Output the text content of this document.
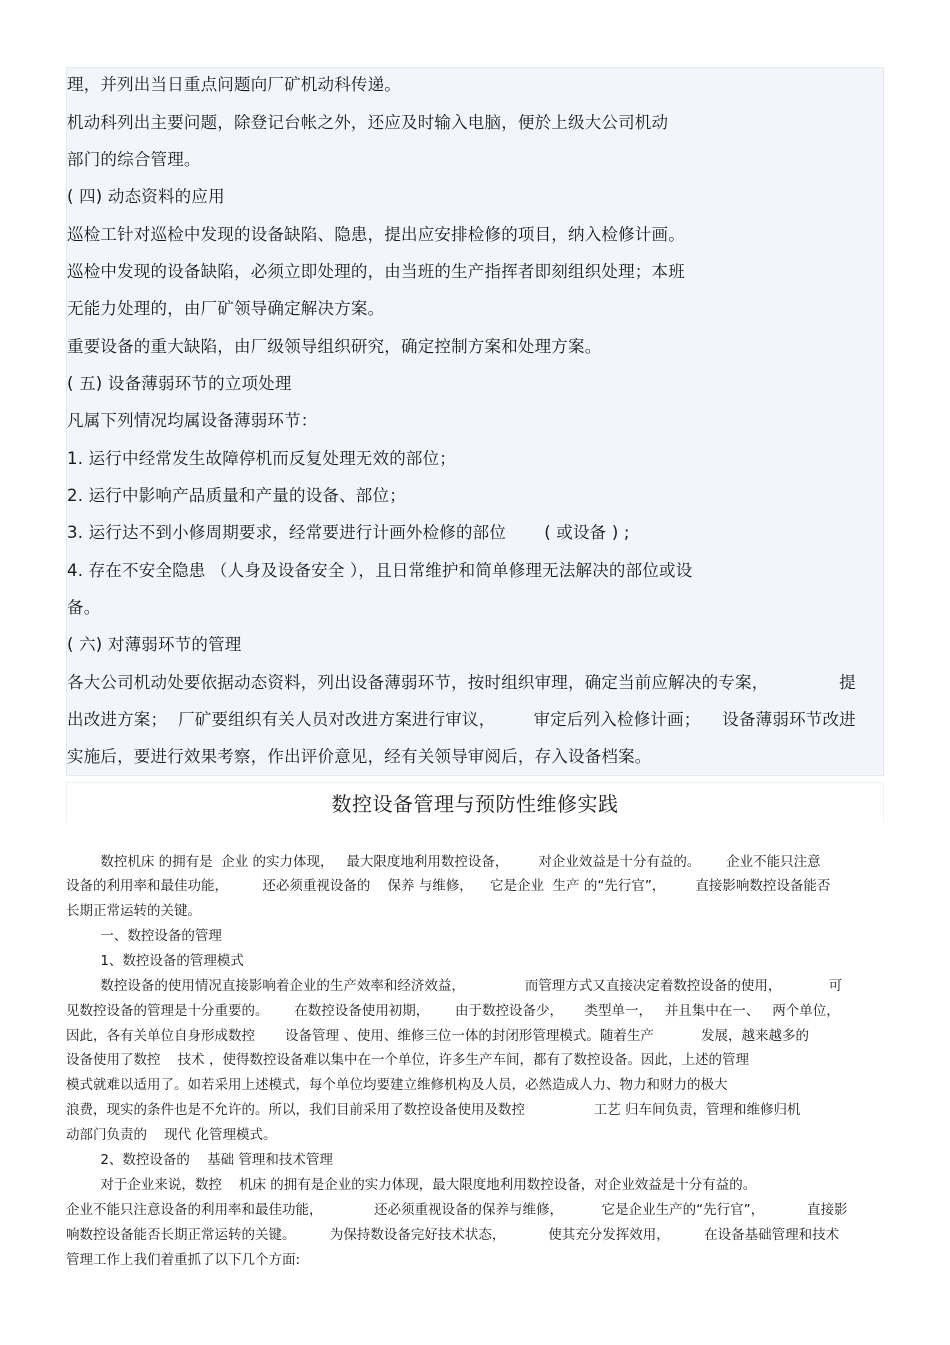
理，并列出当日重点问题向厂矿机动科传递。
机动科列出主要问题，除登记台帐之外，还应及时输入电脑，便於上级大公司机动
部门的综合管理。
( 四) 动态资料的应用
巡检工针对巡检中发现的设备缺陷、隐患，提出应安排检修的项目，纳入检修计画。
巡检中发现的设备缺陷，必须立即处理的，由当班的生产指挥者即刻组织处理；本班
无能力处理的，由厂矿领导确定解决方案。
重要设备的重大缺陷，由厂级领导组织研究，确定控制方案和处理方案。
( 五) 设备薄弱环节的立项处理
凡属下列情况均属设备薄弱环节：
1. 运行中经常发生故障停机而反复处理无效的部位；
2. 运行中影响产品质量和产量的设备、部位；
3. 运行达不到小修周期要求，经常要进行计画外检修的部位       ( 或设备 ) ;
4. 存在不安全隐患 （人身及设备安全 ），且日常维护和简单修理无法解决的部位或设
备。
( 六) 对薄弱环节的管理
各大公司机动处要依据动态资料，列出设备薄弱环节，按时组织审理，确定当前应解决的专案，             提
出改进方案；  厂矿要组织有关人员对改进方案进行审议，       审定后列入检修计画；    设备薄弱环节改进
实施后，要进行效果考察，作出评价意见，经有关领导审阅后，存入设备档案。
数控设备管理与预防性维修实践
数控机床 的拥有是  企业 的实力体现，   最大限度地利用数控设备，       对企业效益是十分有益的。      企业不能只注意
设备的利用率和最佳功能，        还必须重视设备的    保养 与维修，    它是企业  生产 的“先行官”，       直接影响数控设备能否
长期正常运转的关键。
一、数控设备的管理
1、数控设备的管理模式
数控设备的使用情况直接影响着企业的生产效率和经济效益，              而管理方式又直接决定着数控设备的使用，           可
见数控设备的管理是十分重要的。      在数控设备使用初期，      由于数控设备少，     类型单一，   并且集中在一、   两个单位，
因此，各有关单位自身形成数控       设备管理 、使用、维修三位一体的封闭形管理模式。随着生产           发展，越来越多的
设备使用了数控    技术 ，使得数控设备难以集中在一个单位，许多生产车间，都有了数控设备。因此，上述的管理
模式就难以适用了。如若采用上述模式，每个单位均要建立维修机构及人员，必然造成人力、物力和财力的极大
浪费，现实的条件也是不允许的。所以，我们目前采用了数控设备使用及数控                工艺 归车间负责，管理和维修归机
动部门负责的    现代 化管理模式。
2、数控设备的    基础 管理和技术管理
对于企业来说，数控    机床 的拥有是企业的实力体现，最大限度地利用数控设备，对企业效益是十分有益的。
企业不能只注意设备的利用率和最佳功能，            还必须重视设备的保养与维修，         它是企业生产的“先行官”，          直接影
响数控设备能否长期正常运转的关键。        为保持数设备完好技术状态，          使其充分发挥效用，        在设备基础管理和技术
管理工作上我们着重抓了以下几个方面:
